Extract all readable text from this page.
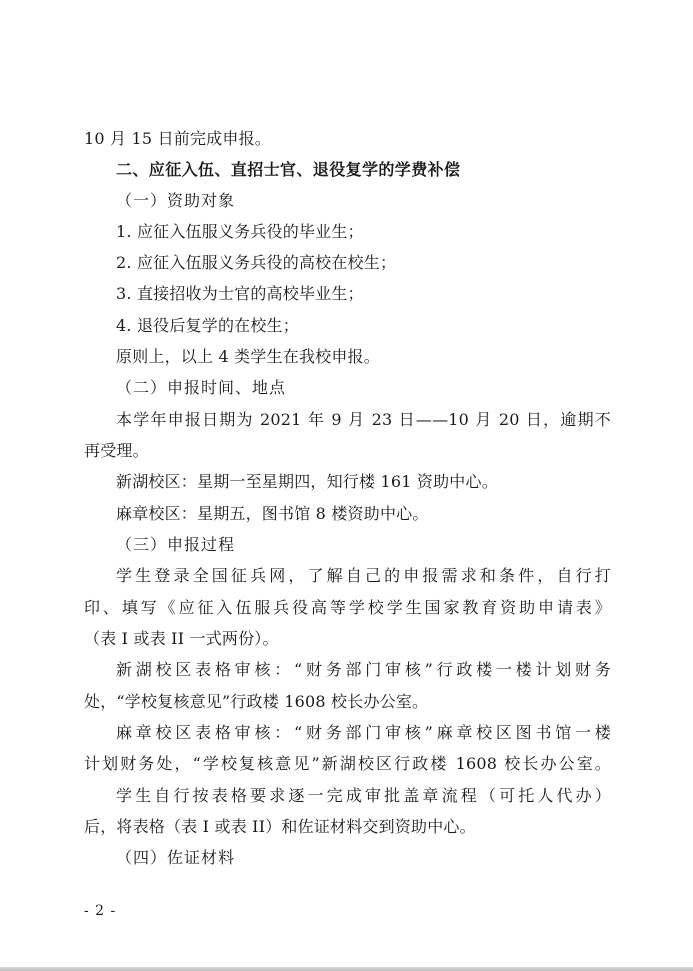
10 月 15 日前完成申报。
二、应征入伍、直招士官、退役复学的学费补偿
（一）资助对象
1. 应征入伍服义务兵役的毕业生；
2. 应征入伍服义务兵役的高校在校生；
3. 直接招收为士官的高校毕业生；
4. 退役后复学的在校生；
原则上，以上 4 类学生在我校申报。
（二）申报时间、地点
本学年申报日期为 2021 年 9 月 23 日——10 月 20 日，逾期不
再受理。
新湖校区：星期一至星期四，知行楼 161 资助中心。
麻章校区：星期五，图书馆 8 楼资助中心。
（三）申报过程
学生登录全国征兵网，了解自己的申报需求和条件，自行打
印、填写《应征入伍服兵役高等学校学生国家教育资助申请表》
（表 I 或表 II 一式两份）。
新湖校区表格审核：“财务部门审核”行政楼一楼计划财务
处，“学校复核意见”行政楼 1608 校长办公室。
麻章校区表格审核：“财务部门审核”麻章校区图书馆一楼
计划财务处，“学校复核意见”新湖校区行政楼 1608 校长办公室。
学生自行按表格要求逐一完成审批盖章流程（可托人代办）
后，将表格（表 I 或表 II）和佐证材料交到资助中心。
（四）佐证材料
- 2 -
